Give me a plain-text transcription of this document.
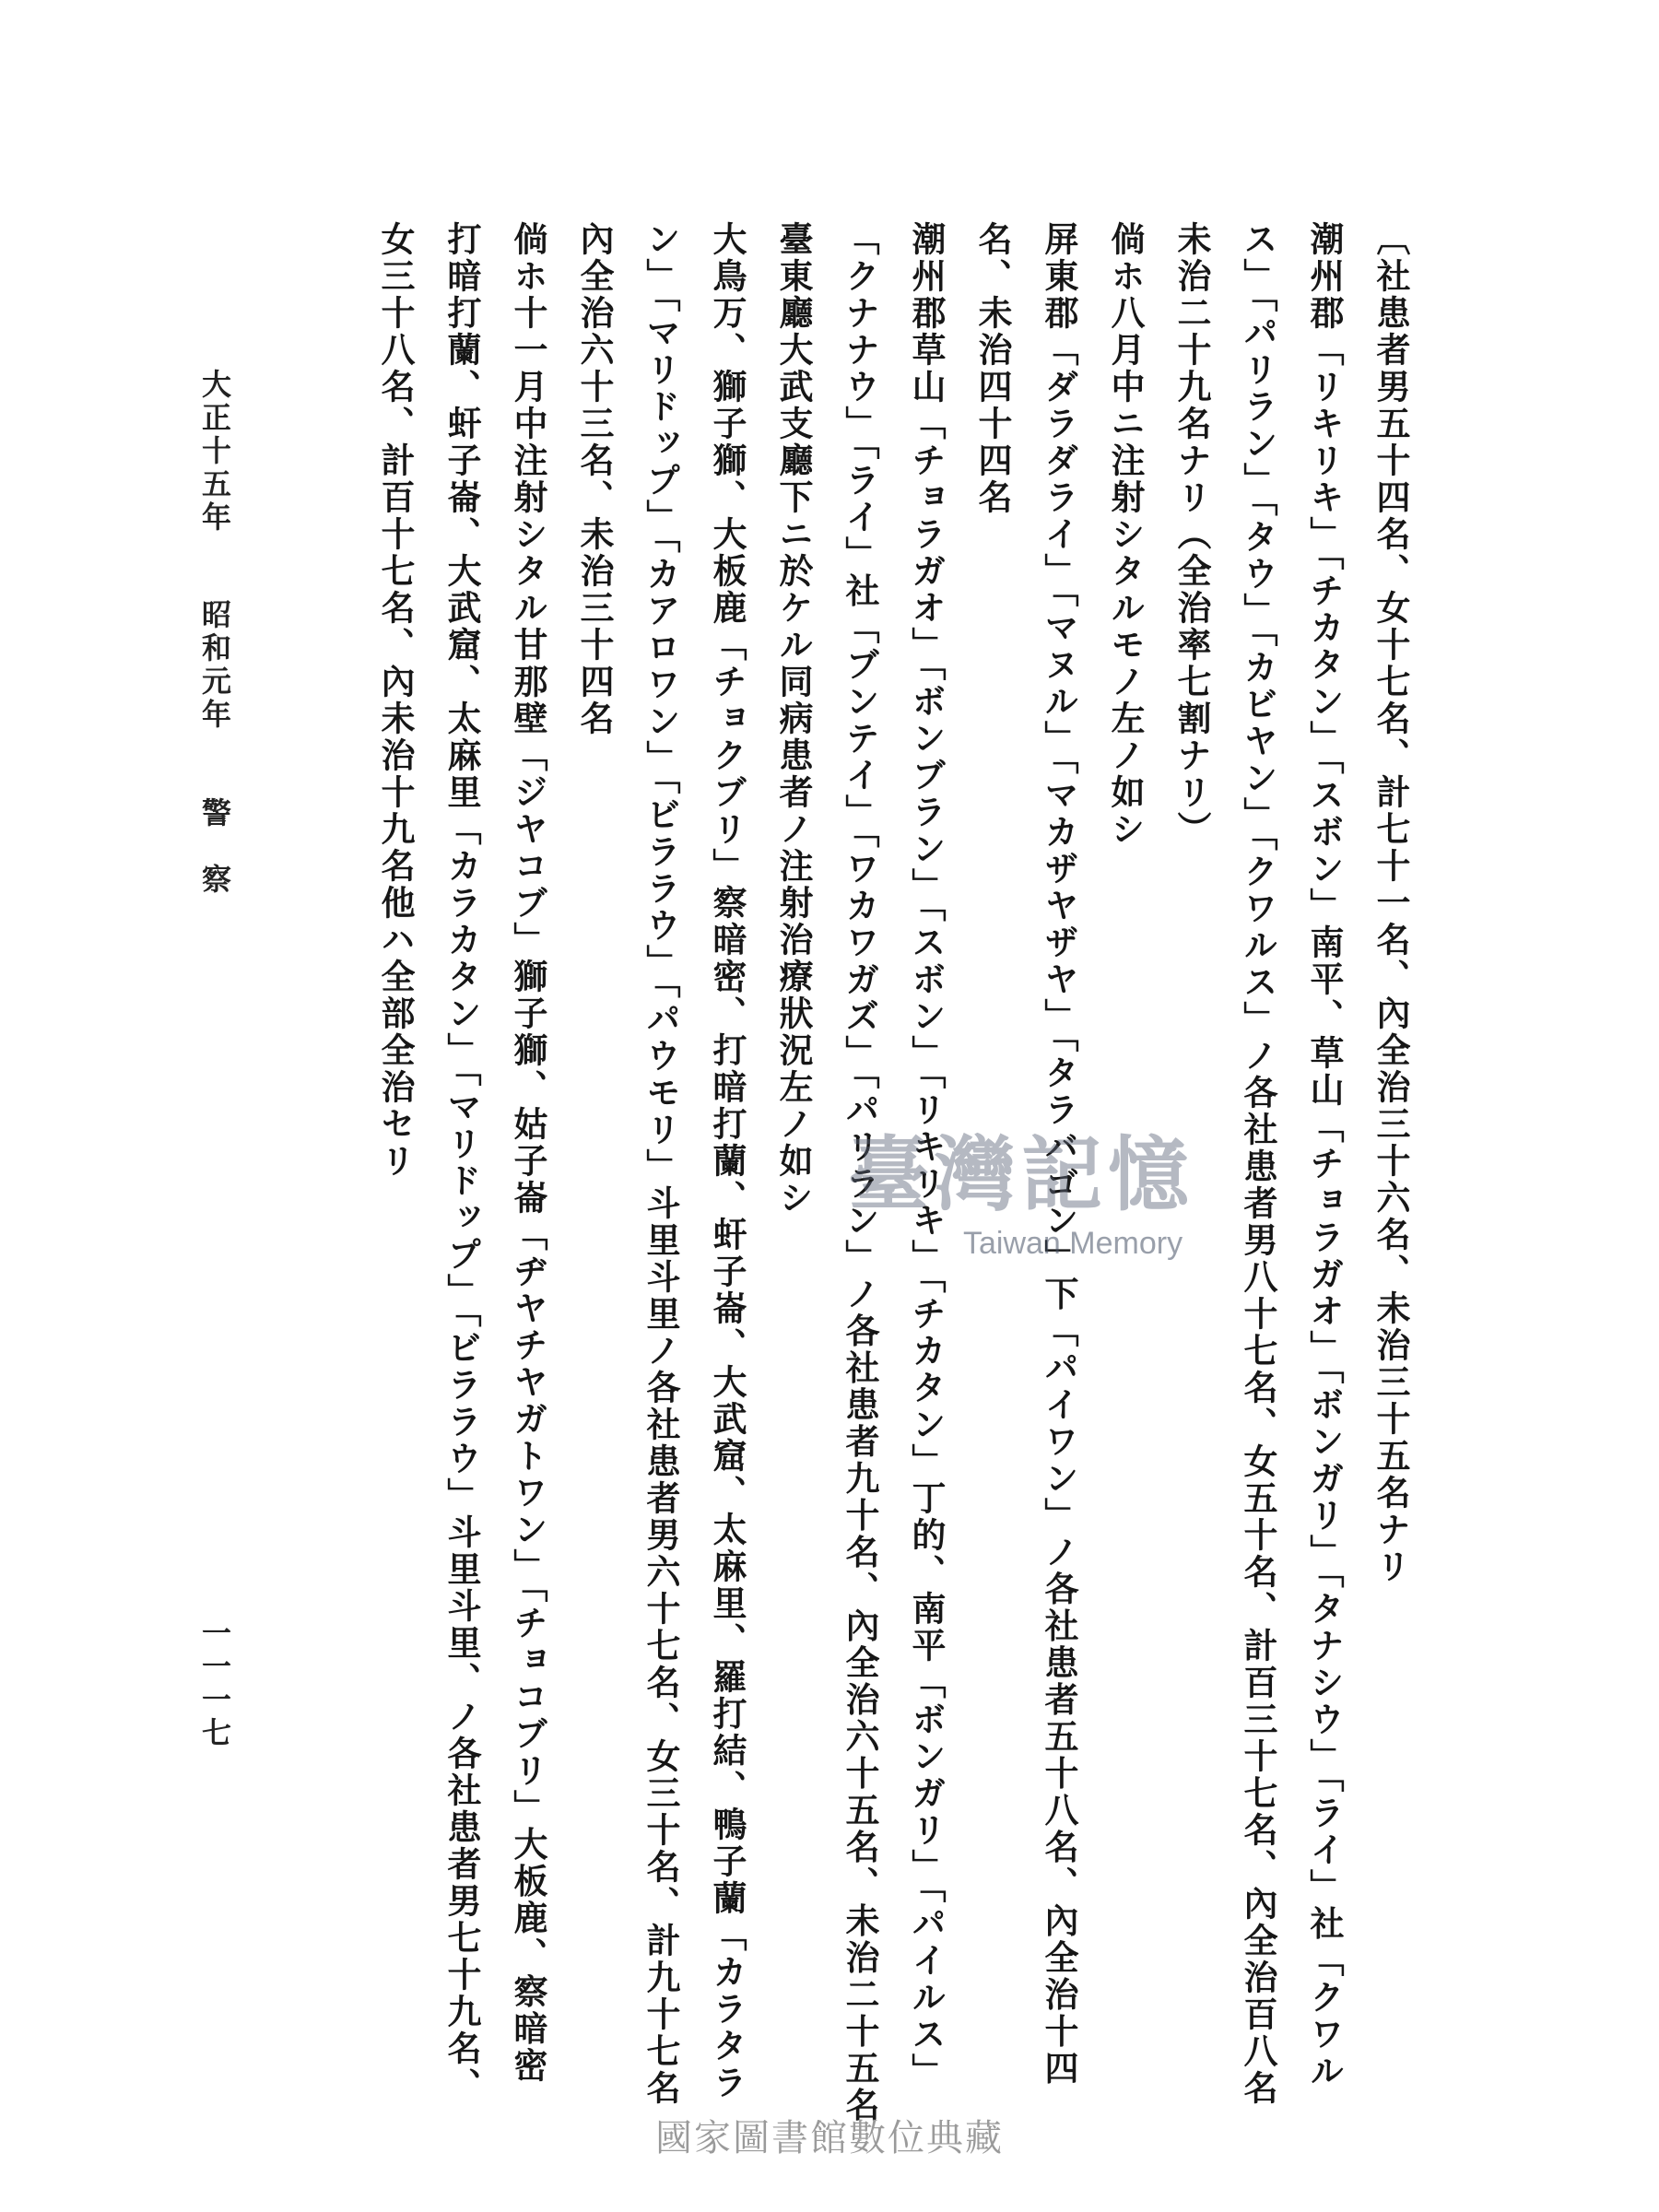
〔社患者男五十四名、女十七名、計七十一名、內全治三十六名、未治三十五名ナリ

潮州郡「リキリキ」「チカタン」「スボン」南平、草山「チョラガオ」「ボンガリ」「タナシウ」「ライ」社「クワル

ス」「パリラン」「タウ」「カビヤン」「クワルス」ノ各社患者男八十七名、女五十名、計百三十七名、內全治百八名

未治二十九名ナリ（全治率七割ナリ）

倘ホ八月中ニ注射シタルモノ左ノ如シ

屏東郡「ダラダライ」「マヌル」「マカザヤザヤ」「タラバゴン」下「パイワン」ノ各社患者五十八名、內全治十四

名、未治四十四名

潮州郡草山「チョラガオ」「ボンブラン」「スボン」「リキリキ」「チカタン」丁的、南平「ボンガリ」「パイルス」

「クナナウ」「ライ」社「ブンテイ」「ワカワガズ」「パリラン」ノ各社患者九十名、內全治六十五名、未治二十五名

臺東廳大武支廳下ニ於ケル同病患者ノ注射治療狀況左ノ如シ

大鳥万、獅子獅、大板鹿「チョクブリ」察暗密、打暗打蘭、虷子崙、大武窟、太麻里、羅打結、鴨子蘭「カラタラ

ン」「マリドップ」「カアロワン」「ビララウ」「パウモリ」斗里斗里ノ各社患者男六十七名、女三十名、計九十七名

內全治六十三名、未治三十四名

倘ホ十一月中注射シタル甘那壁「ジヤコブ」獅子獅、姑子崙「ヂヤチヤガトワン」「チョコブリ」大板鹿、察暗密

打暗打蘭、虷子崙、大武窟、太麻里「カラカタン」「マリドップ」「ビララウ」斗里斗里、ノ各社患者男七十九名、

女三十八名、計百十七名、內未治十九名他ハ全部全治セリ

大正十五年  昭和元年  警　察
一一一七
臺灣記憶
Taiwan Memory
國家圖書館數位典藏
